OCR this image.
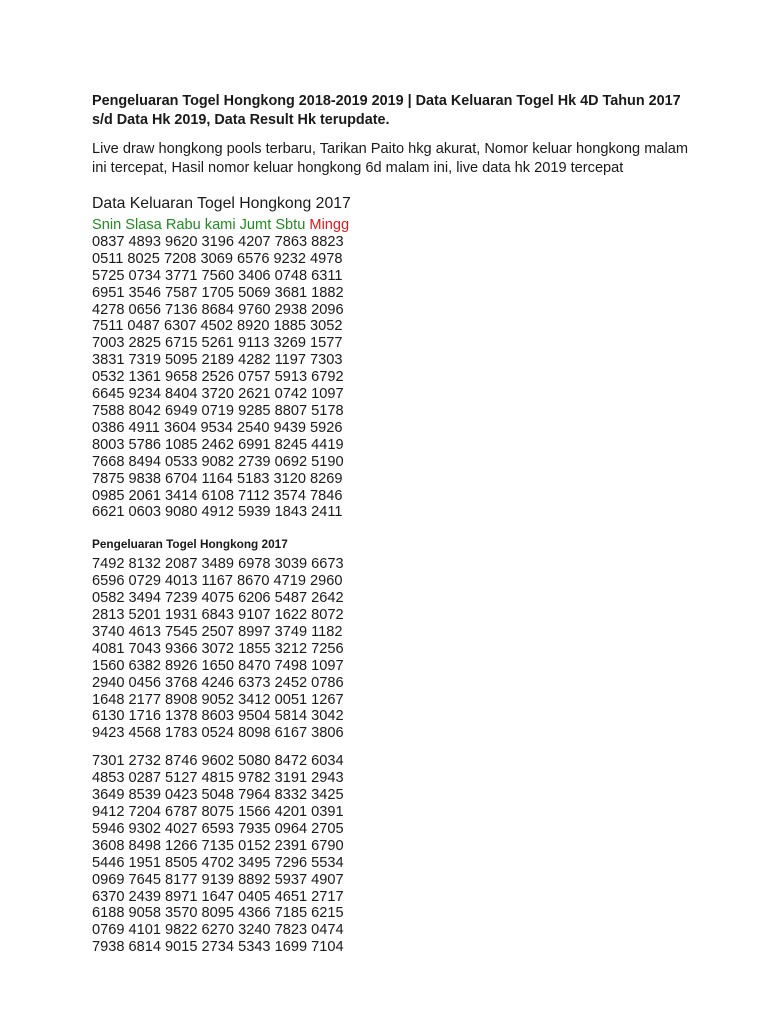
Pengeluaran Togel Hongkong 2018-2019 2019 | Data Keluaran Togel Hk 4D Tahun 2017 s/d Data Hk 2019, Data Result Hk terupdate.
Live draw hongkong pools terbaru, Tarikan Paito hkg akurat, Nomor keluar hongkong malam ini tercepat, Hasil nomor keluar hongkong 6d malam ini, live data hk 2019 tercepat
Data Keluaran Togel Hongkong 2017
Snin Slasa Rabu kami Jumt Sbtu Mingg
0837 4893 9620 3196 4207 7863 8823
0511 8025 7208 3069 6576 9232 4978
5725 0734 3771 7560 3406 0748 6311
6951 3546 7587 1705 5069 3681 1882
4278 0656 7136 8684 9760 2938 2096
7511 0487 6307 4502 8920 1885 3052
7003 2825 6715 5261 9113 3269 1577
3831 7319 5095 2189 4282 1197 7303
0532 1361 9658 2526 0757 5913 6792
6645 9234 8404 3720 2621 0742 1097
7588 8042 6949 0719 9285 8807 5178
0386 4911 3604 9534 2540 9439 5926
8003 5786 1085 2462 6991 8245 4419
7668 8494 0533 9082 2739 0692 5190
7875 9838 6704 1164 5183 3120 8269
0985 2061 3414 6108 7112 3574 7846
6621 0603 9080 4912 5939 1843 2411
Pengeluaran Togel Hongkong 2017
7492 8132 2087 3489 6978 3039 6673
6596 0729 4013 1167 8670 4719 2960
0582 3494 7239 4075 6206 5487 2642
2813 5201 1931 6843 9107 1622 8072
3740 4613 7545 2507 8997 3749 1182
4081 7043 9366 3072 1855 3212 7256
1560 6382 8926 1650 8470 7498 1097
2940 0456 3768 4246 6373 2452 0786
1648 2177 8908 9052 3412 0051 1267
6130 1716 1378 8603 9504 5814 3042
9423 4568 1783 0524 8098 6167 3806
7301 2732 8746 9602 5080 8472 6034
4853 0287 5127 4815 9782 3191 2943
3649 8539 0423 5048 7964 8332 3425
9412 7204 6787 8075 1566 4201 0391
5946 9302 4027 6593 7935 0964 2705
3608 8498 1266 7135 0152 2391 6790
5446 1951 8505 4702 3495 7296 5534
0969 7645 8177 9139 8892 5937 4907
6370 2439 8971 1647 0405 4651 2717
6188 9058 3570 8095 4366 7185 6215
0769 4101 9822 6270 3240 7823 0474
7938 6814 9015 2734 5343 1699 7104
